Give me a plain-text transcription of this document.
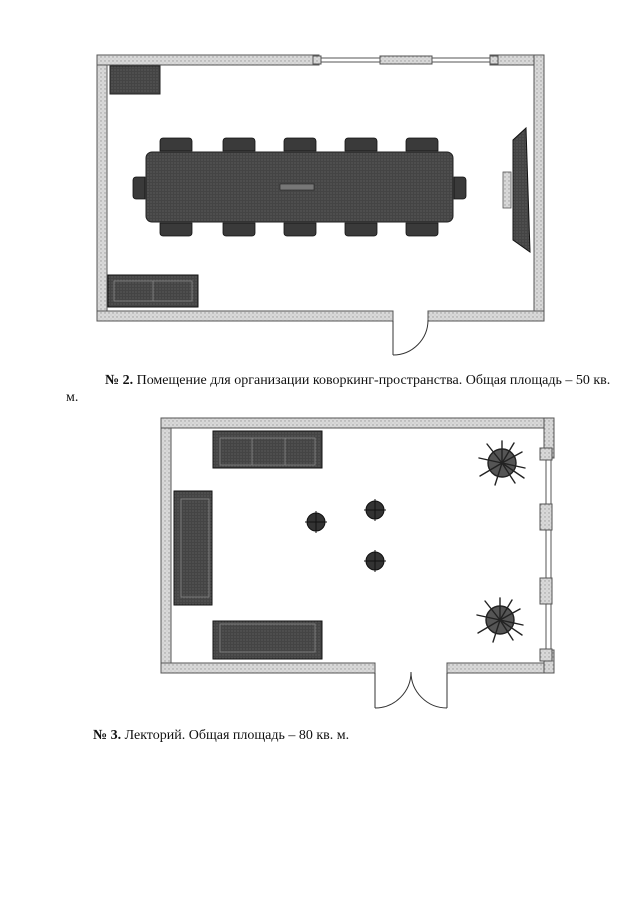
№ 2. Помещение для организации коворкинг-пространства. Общая площадь – 50 кв.
м.
№ 3. Лекторий. Общая площадь – 80 кв. м.
